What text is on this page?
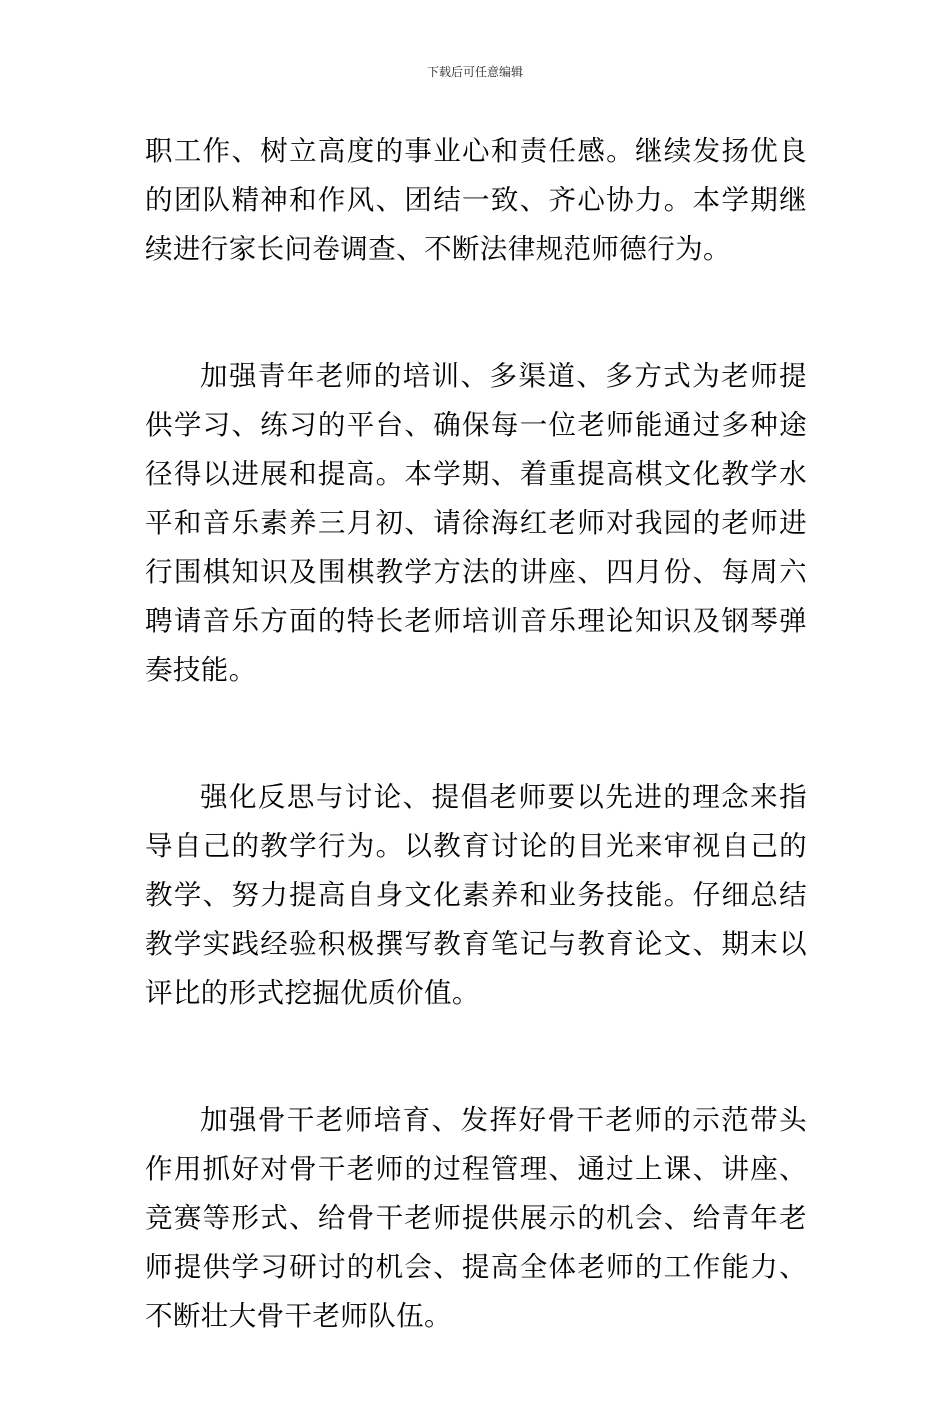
下载后可任意编辑

职工作、树立高度的事业心和责任感。继续发扬优良的团队精神和作风、团结一致、齐心协力。本学期继续进行家长问卷调查、不断法律规范师德行为。

加强青年老师的培训、多渠道、多方式为老师提供学习、练习的平台、确保每一位老师能通过多种途径得以进展和提高。本学期、着重提高棋文化教学水平和音乐素养三月初、请徐海红老师对我园的老师进行围棋知识及围棋教学方法的讲座、四月份、每周六聘请音乐方面的特长老师培训音乐理论知识及钢琴弹奏技能。

强化反思与讨论、提倡老师要以先进的理念来指导自己的教学行为。以教育讨论的目光来审视自己的教学、努力提高自身文化素养和业务技能。仔细总结教学实践经验积极撰写教育笔记与教育论文、期末以评比的形式挖掘优质价值。

加强骨干老师培育、发挥好骨干老师的示范带头作用抓好对骨干老师的过程管理、通过上课、讲座、竞赛等形式、给骨干老师提供展示的机会、给青年老师提供学习研讨的机会、提高全体老师的工作能力、不断壮大骨干老师队伍。
